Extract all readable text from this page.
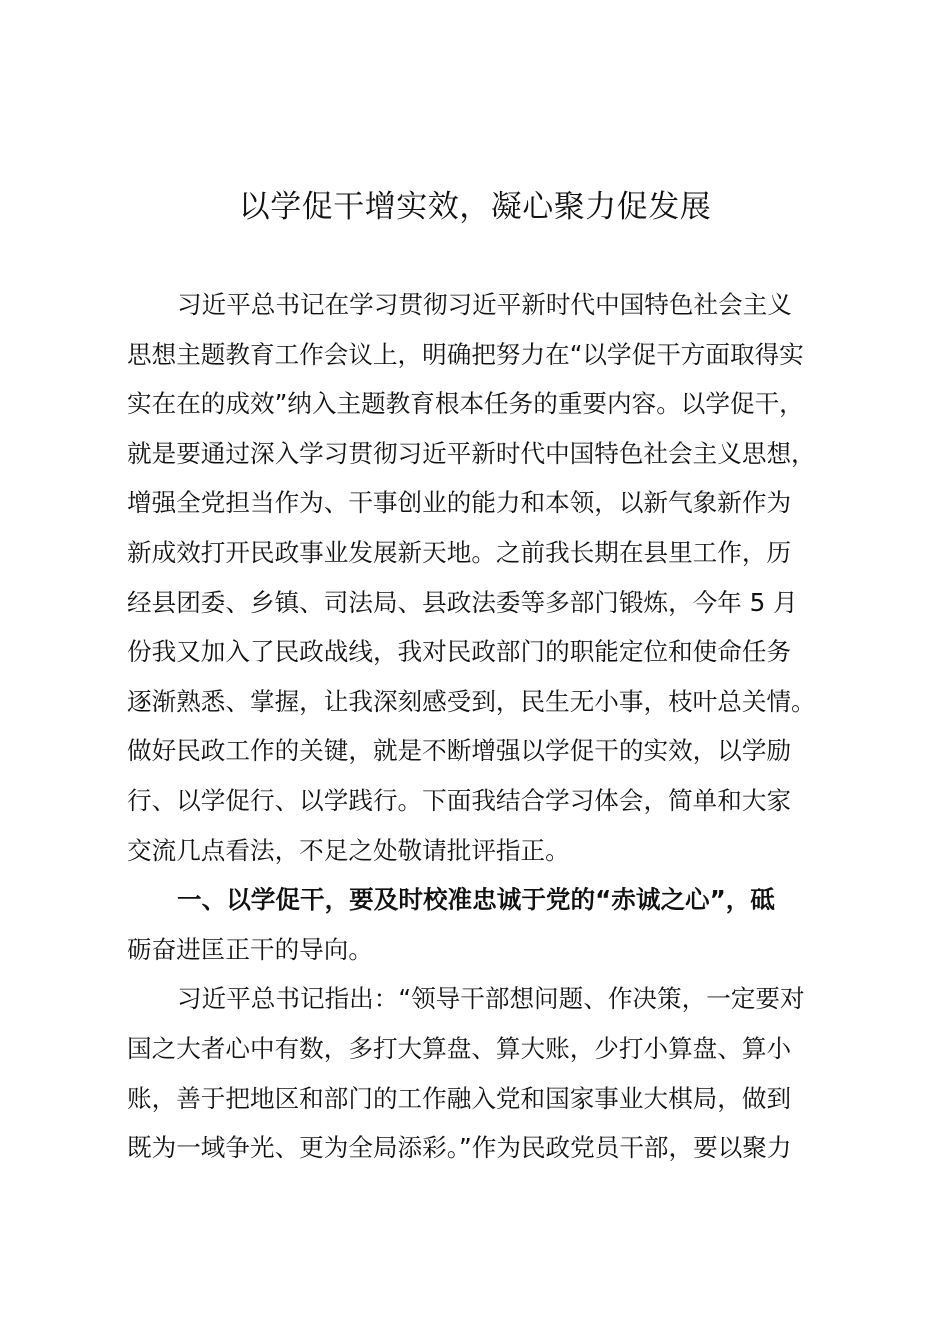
以学促干增实效，凝心聚力促发展
习近平总书记在学习贯彻习近平新时代中国特色社会主义
思想主题教育工作会议上，明确把努力在“以学促干方面取得实
实在在的成效”纳入主题教育根本任务的重要内容。以学促干，
就是要通过深入学习贯彻习近平新时代中国特色社会主义思想，
增强全党担当作为、干事创业的能力和本领，以新气象新作为
新成效打开民政事业发展新天地。之前我长期在县里工作，历
经县团委、乡镇、司法局、县政法委等多部门锻炼，今年 5 月
份我又加入了民政战线，我对民政部门的职能定位和使命任务
逐渐熟悉、掌握，让我深刻感受到，民生无小事，枝叶总关情。
做好民政工作的关键，就是不断增强以学促干的实效，以学励
行、以学促行、以学践行。下面我结合学习体会，简单和大家
交流几点看法，不足之处敬请批评指正。
一、以学促干，要及时校准忠诚于党的“赤诚之心”，砥
砺奋进匡正干的导向。
习近平总书记指出：“领导干部想问题、作决策，一定要对
国之大者心中有数，多打大算盘、算大账，少打小算盘、算小
账，善于把地区和部门的工作融入党和国家事业大棋局，做到
既为一域争光、更为全局添彩。”作为民政党员干部，要以聚力
